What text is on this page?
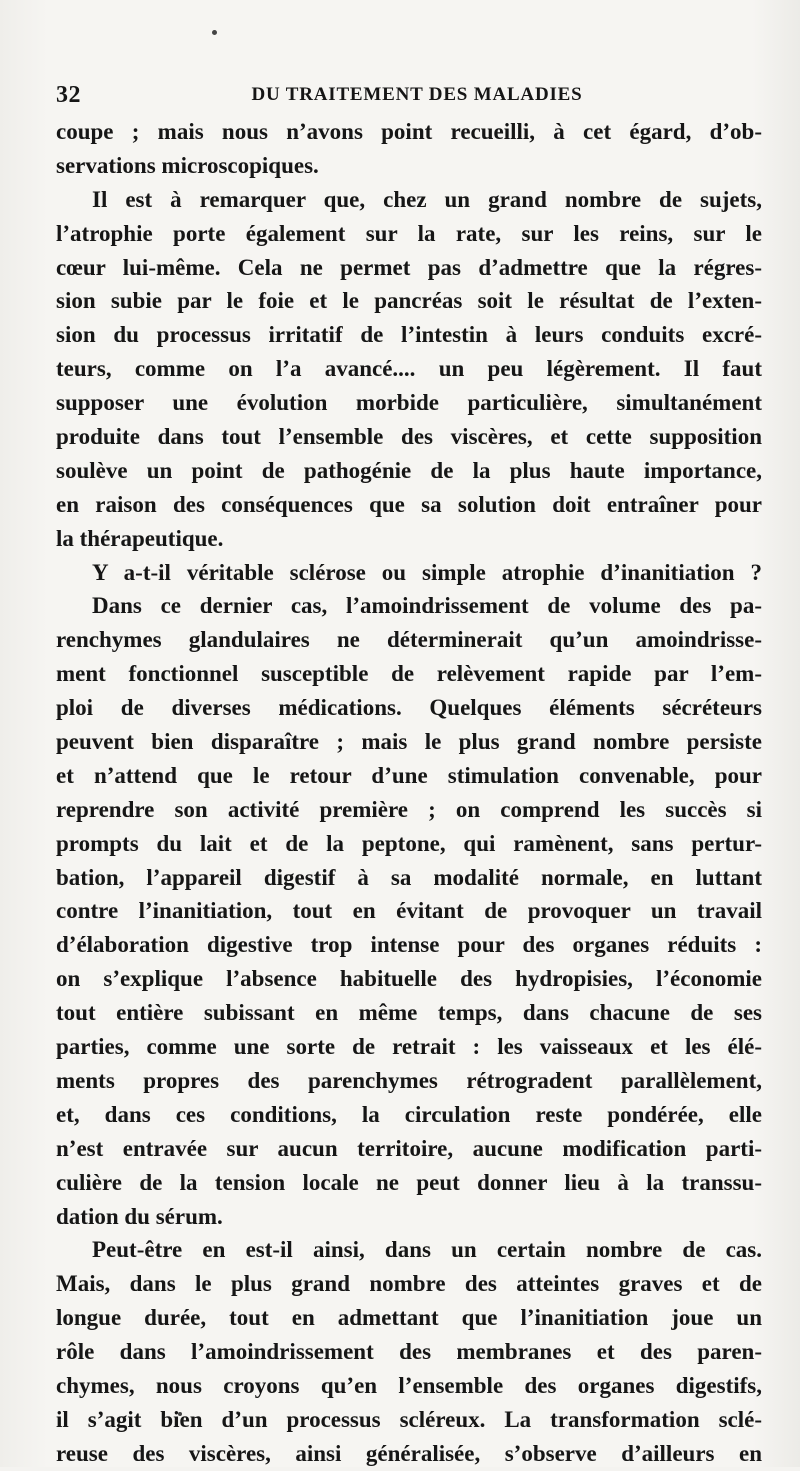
32	DU TRAITEMENT DES MALADIES
coupe ; mais nous n’avons point recueilli, à cet égard, d’ob-
servations microscopiques.
Il est à remarquer que, chez un grand nombre de sujets,
l’atrophie porte également sur la rate, sur les reins, sur le
cœur lui-même. Cela ne permet pas d’admettre que la régres-
sion subie par le foie et le pancréas soit le résultat de l’exten-
sion du processus irritatif de l’intestin à leurs conduits excré-
teurs, comme on l’a avancé.... un peu légèrement. Il faut
supposer une évolution morbide particulière, simultanément
produite dans tout l’ensemble des viscères, et cette supposition
soulève un point de pathogénie de la plus haute importance,
en raison des conséquences que sa solution doit entraîner pour
la thérapeutique.
Y a-t-il véritable sclérose ou simple atrophie d’inanitiation ?
Dans ce dernier cas, l’amoindrissement de volume des pa-
renchymes glandulaires ne déterminerait qu’un amoindrisse-
ment fonctionnel susceptible de relèvement rapide par l’em-
ploi de diverses médications. Quelques éléments sécréteurs
peuvent bien disparaître ; mais le plus grand nombre persiste
et n’attend que le retour d’une stimulation convenable, pour
reprendre son activité première ; on comprend les succès si
prompts du lait et de la peptone, qui ramènent, sans pertur-
bation, l’appareil digestif à sa modalité normale, en luttant
contre l’inanitiation, tout en évitant de provoquer un travail
d’élaboration digestive trop intense pour des organes réduits :
on s’explique l’absence habituelle des hydropisies, l’économie
tout entière subissant en même temps, dans chacune de ses
parties, comme une sorte de retrait : les vaisseaux et les élé-
ments propres des parenchymes rétrogradent parallèlement,
et, dans ces conditions, la circulation reste pondérée, elle
n’est entravée sur aucun territoire, aucune modification parti-
culière de la tension locale ne peut donner lieu à la transsu-
dation du sérum.
Peut-être en est-il ainsi, dans un certain nombre de cas.
Mais, dans le plus grand nombre des atteintes graves et de
longue durée, tout en admettant que l’inanitiation joue un
rôle dans l’amoindrissement des membranes et des paren-
chymes, nous croyons qu’en l’ensemble des organes digestifs,
il s’agit bien d’un processus scléreux. La transformation sclé-
reuse des viscères, ainsi généralisée, s’observe d’ailleurs en
